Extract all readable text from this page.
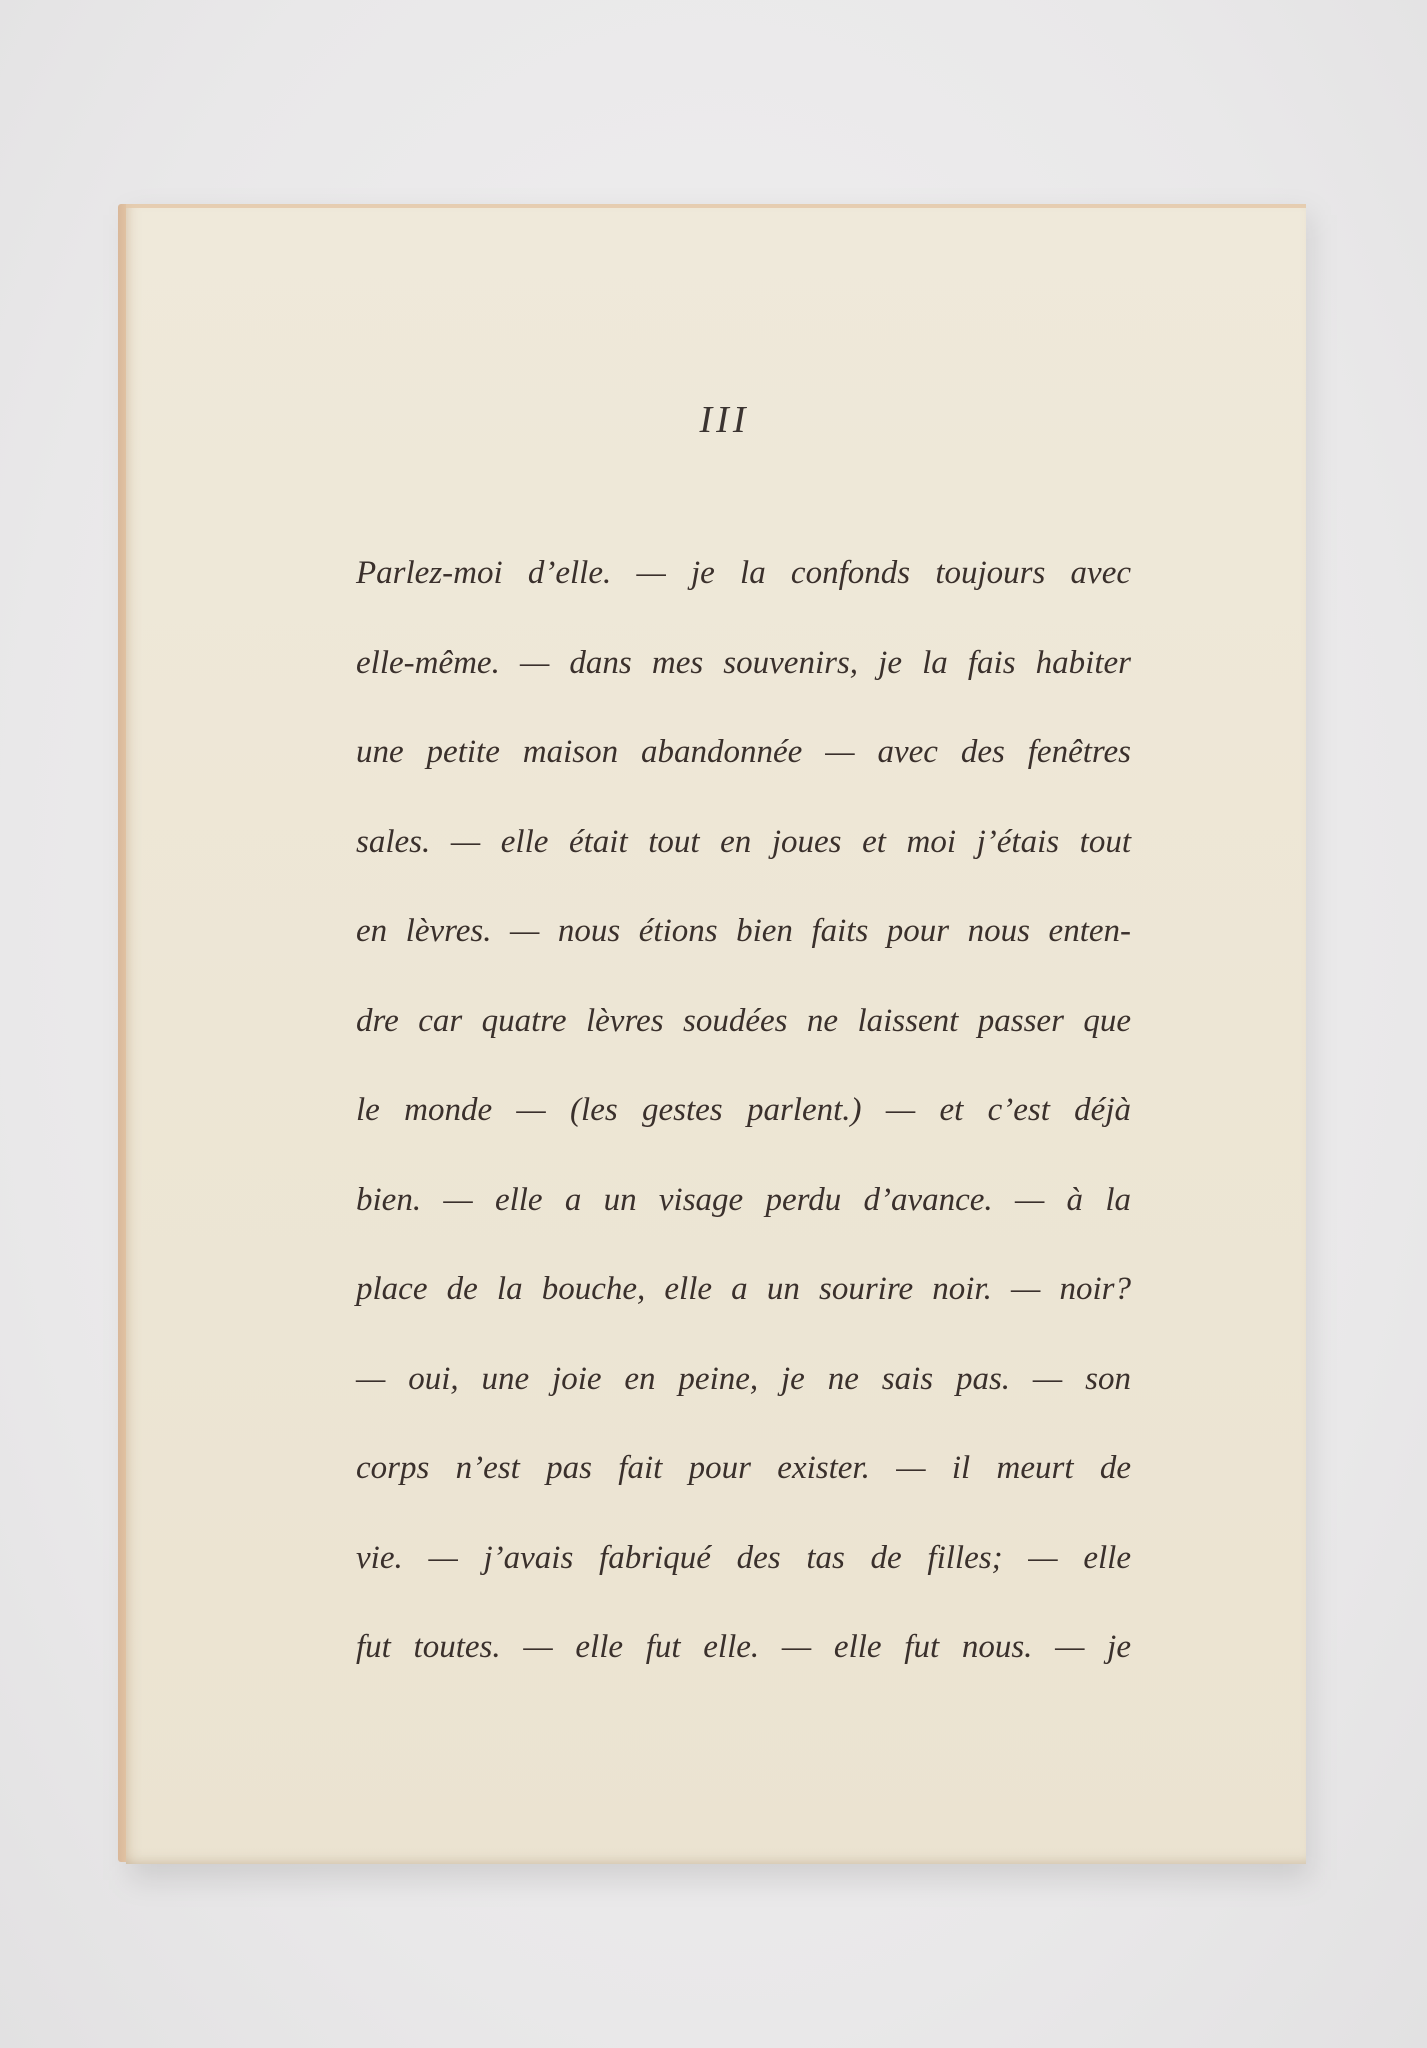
III
Parlez-moi d’elle. — je la confonds toujours avec
elle-même. — dans mes souvenirs, je la fais habiter
une petite maison abandonnée — avec des fenêtres
sales. — elle était tout en joues et moi j’étais tout
en lèvres. — nous étions bien faits pour nous enten-
dre car quatre lèvres soudées ne laissent passer que
le monde — (les gestes parlent.) — et c’est déjà
bien. — elle a un visage perdu d’avance. — à la
place de la bouche, elle a un sourire noir. — noir?
— oui, une joie en peine, je ne sais pas. — son
corps n’est pas fait pour exister. — il meurt de
vie. — j’avais fabriqué des tas de filles; — elle
fut toutes. — elle fut elle. — elle fut nous. — je
